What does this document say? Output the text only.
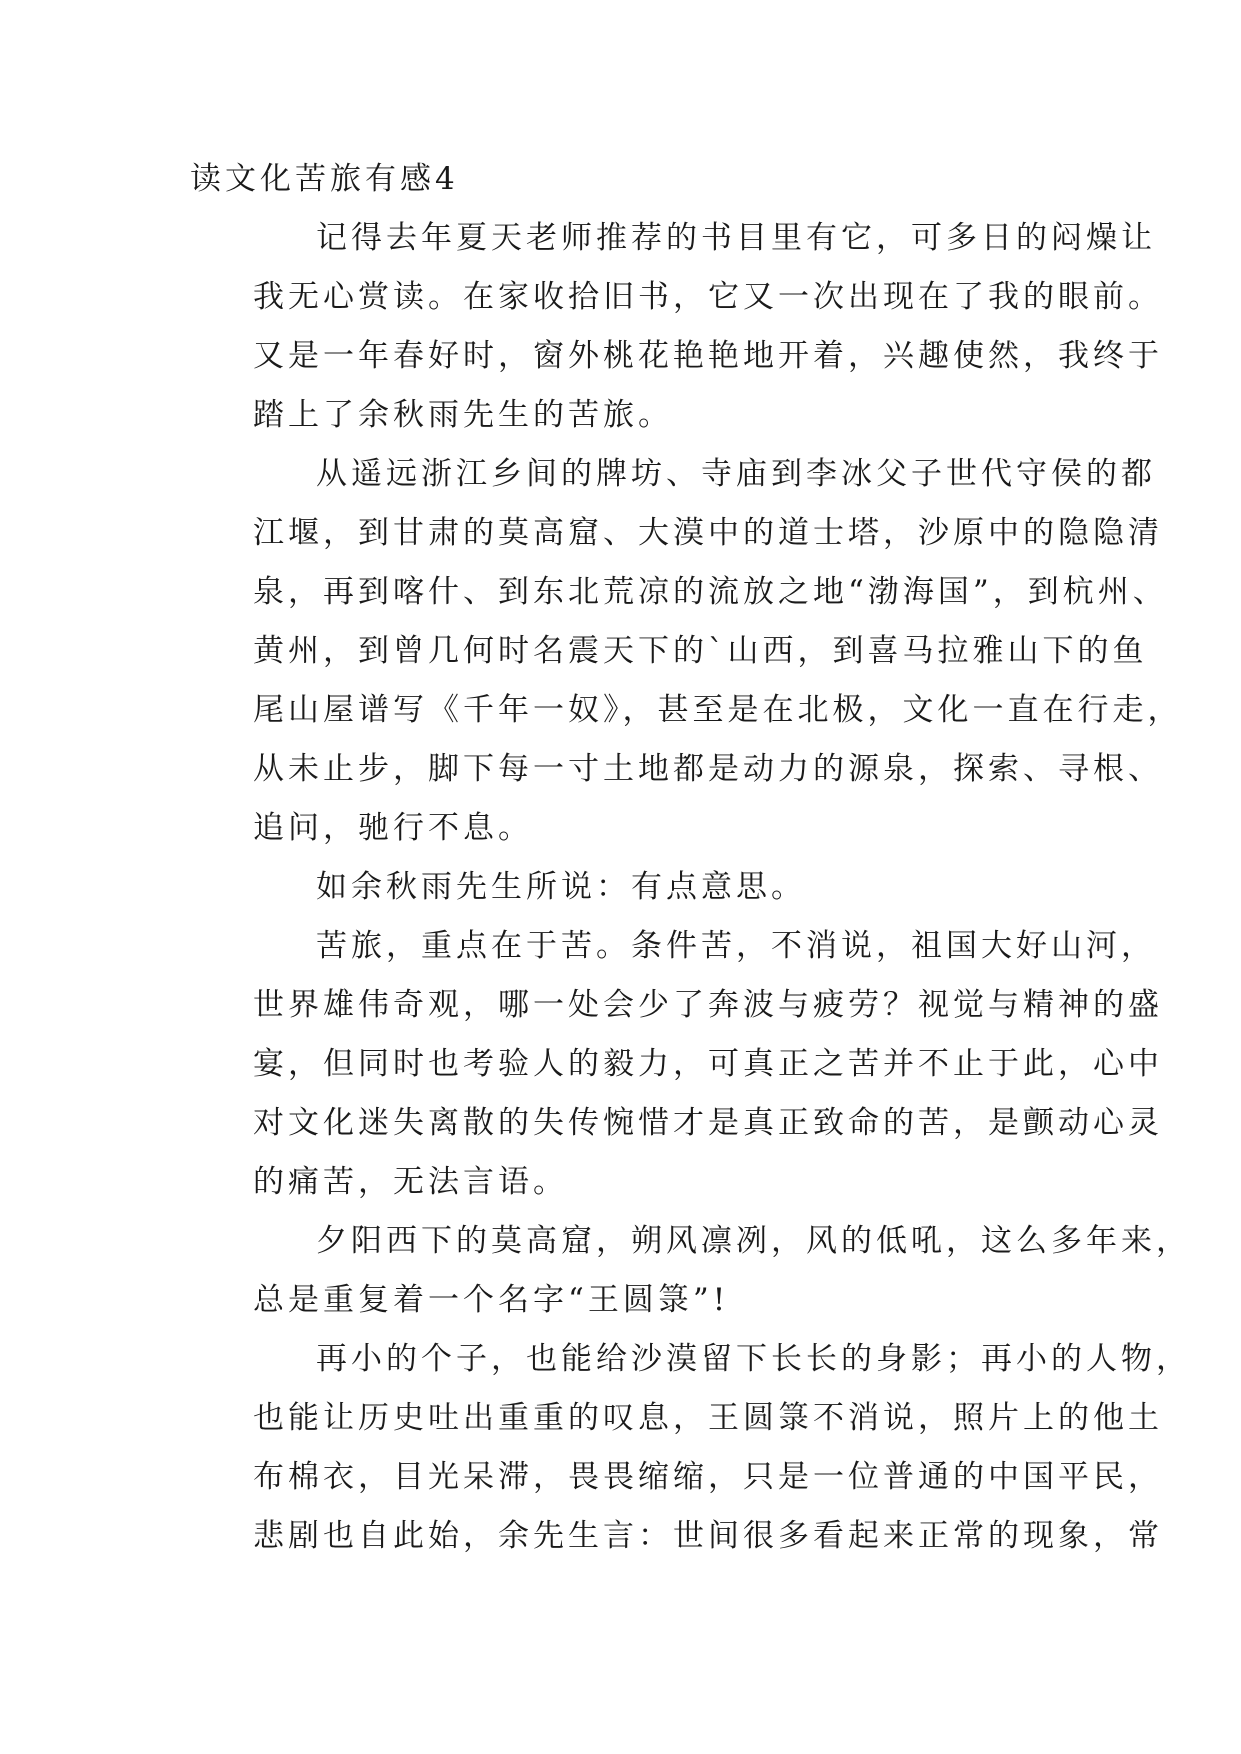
读文化苦旅有感4
记得去年夏天老师推荐的书目里有它，可多日的闷燥让
我无心赏读。在家收拾旧书，它又一次出现在了我的眼前。
又是一年春好时，窗外桃花艳艳地开着，兴趣使然，我终于
踏上了余秋雨先生的苦旅。
从遥远浙江乡间的牌坊、寺庙到李冰父子世代守侯的都
江堰，到甘肃的莫高窟、大漠中的道士塔，沙原中的隐隐清
泉，再到喀什、到东北荒凉的流放之地“渤海国”，到杭州、
黄州，到曾几何时名震天下的`山西，到喜马拉雅山下的鱼
尾山屋谱写《千年一奴》，甚至是在北极，文化一直在行走，
从未止步，脚下每一寸土地都是动力的源泉，探索、寻根、
追问，驰行不息。
如余秋雨先生所说：有点意思。
苦旅，重点在于苦。条件苦，不消说，祖国大好山河，
世界雄伟奇观，哪一处会少了奔波与疲劳？视觉与精神的盛
宴，但同时也考验人的毅力，可真正之苦并不止于此，心中
对文化迷失离散的失传惋惜才是真正致命的苦，是颤动心灵
的痛苦，无法言语。
夕阳西下的莫高窟，朔风凛冽，风的低吼，这么多年来，
总是重复着一个名字“王圆箓”!
再小的个子，也能给沙漠留下长长的身影；再小的人物，
也能让历史吐出重重的叹息，王圆箓不消说，照片上的他土
布棉衣，目光呆滞，畏畏缩缩，只是一位普通的中国平民，
悲剧也自此始，余先生言：世间很多看起来正常的现象，常
